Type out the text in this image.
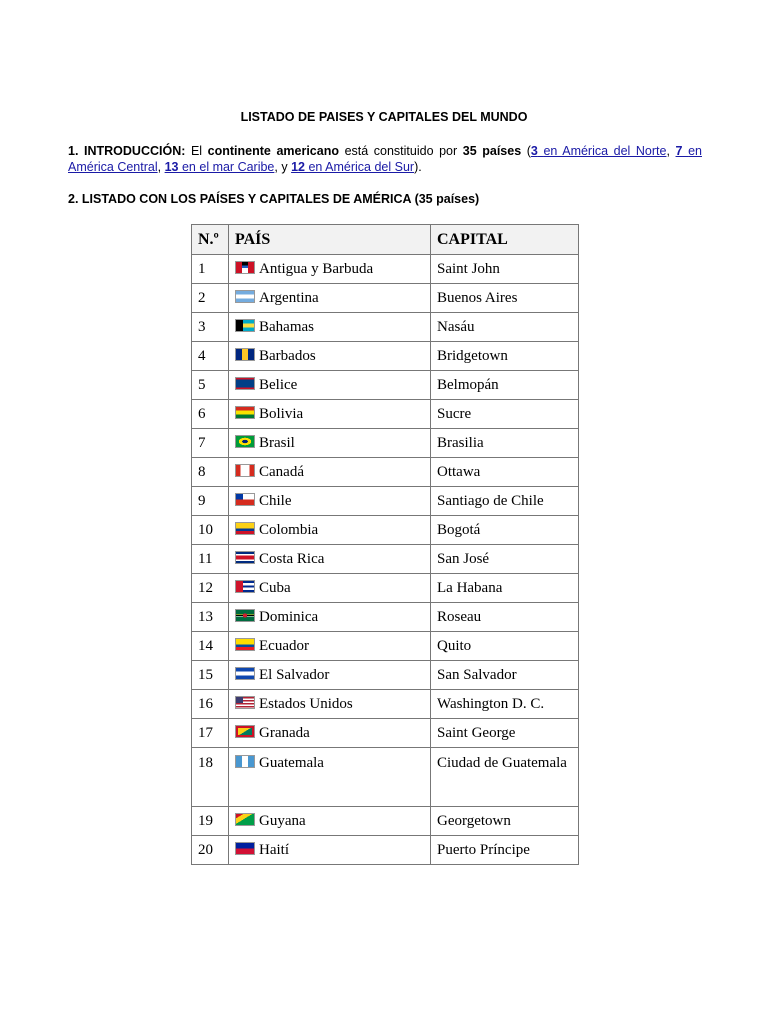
LISTADO DE PAISES Y CAPITALES DEL MUNDO
1. INTRODUCCIÓN: El continente americano está constituido por 35 países (3 en América del Norte, 7 en América Central, 13 en el mar Caribe, y 12 en América del Sur).
2. LISTADO CON LOS PAÍSES Y CAPITALES DE AMÉRICA (35 países)
N.º	PAÍS	CAPITAL
1	Antigua y Barbuda	Saint John
2	Argentina	Buenos Aires
3	Bahamas	Nasáu
4	Barbados	Bridgetown
5	Belice	Belmopán
6	Bolivia	Sucre
7	Brasil	Brasilia
8	Canadá	Ottawa
9	Chile	Santiago de Chile
10	Colombia	Bogotá
11	Costa Rica	San José
12	Cuba	La Habana
13	Dominica	Roseau
14	Ecuador	Quito
15	El Salvador	San Salvador
16	Estados Unidos	Washington D. C.
17	Granada	Saint George
18	Guatemala	Ciudad de Guatemala
19	Guyana	Georgetown
20	Haití	Puerto Príncipe
